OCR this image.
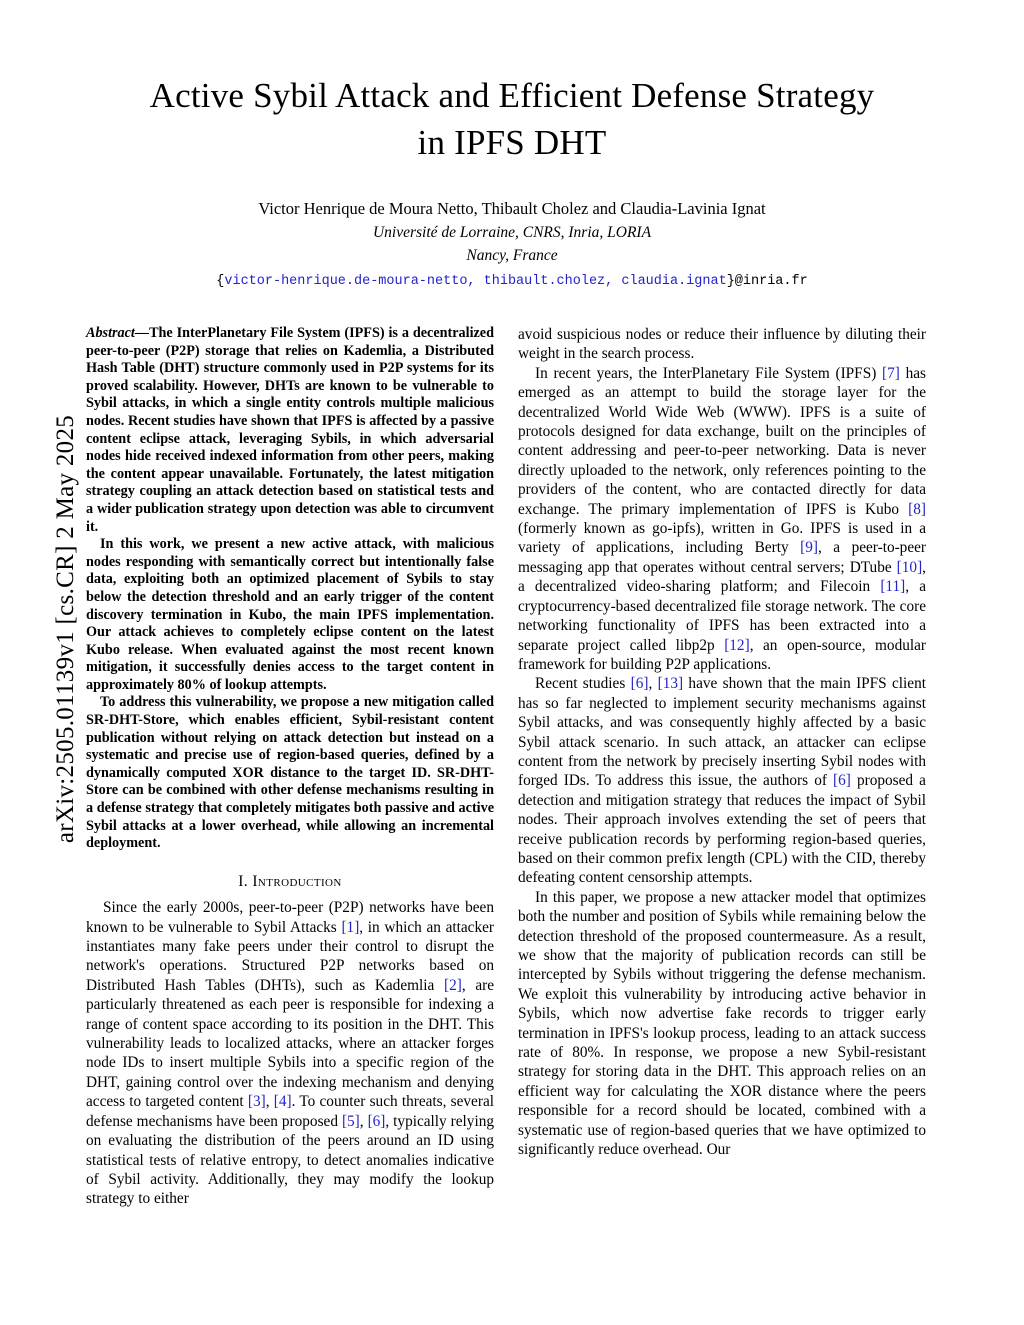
arXiv:2505.01139v1 [cs.CR] 2 May 2025
Active Sybil Attack and Efficient Defense Strategy
in IPFS DHT
Victor Henrique de Moura Netto, Thibault Cholez and Claudia-Lavinia Ignat
Université de Lorraine, CNRS, Inria, LORIA
Nancy, France
{victor-henrique.de-moura-netto, thibault.cholez, claudia.ignat}@inria.fr

Abstract—The InterPlanetary File System (IPFS) is a decentralized peer-to-peer (P2P) storage that relies on Kademlia, a Distributed Hash Table (DHT) structure commonly used in P2P systems for its proved scalability. However, DHTs are known to be vulnerable to Sybil attacks, in which a single entity controls multiple malicious nodes. Recent studies have shown that IPFS is affected by a passive content eclipse attack, leveraging Sybils, in which adversarial nodes hide received indexed information from other peers, making the content appear unavailable. Fortunately, the latest mitigation strategy coupling an attack detection based on statistical tests and a wider publication strategy upon detection was able to circumvent it.

In this work, we present a new active attack, with malicious nodes responding with semantically correct but intentionally false data, exploiting both an optimized placement of Sybils to stay below the detection threshold and an early trigger of the content discovery termination in Kubo, the main IPFS implementation. Our attack achieves to completely eclipse content on the latest Kubo release. When evaluated against the most recent known mitigation, it successfully denies access to the target content in approximately 80% of lookup attempts.

To address this vulnerability, we propose a new mitigation called SR-DHT-Store, which enables efficient, Sybil-resistant content publication without relying on attack detection but instead on a systematic and precise use of region-based queries, defined by a dynamically computed XOR distance to the target ID. SR-DHT-Store can be combined with other defense mechanisms resulting in a defense strategy that completely mitigates both passive and active Sybil attacks at a lower overhead, while allowing an incremental deployment.

I. Introduction

Since the early 2000s, peer-to-peer (P2P) networks have been known to be vulnerable to Sybil Attacks [1], in which an attacker instantiates many fake peers under their control to disrupt the network's operations. Structured P2P networks based on Distributed Hash Tables (DHTs), such as Kademlia [2], are particularly threatened as each peer is responsible for indexing a range of content space according to its position in the DHT. This vulnerability leads to localized attacks, where an attacker forges node IDs to insert multiple Sybils into a specific region of the DHT, gaining control over the indexing mechanism and denying access to targeted content [3], [4]. To counter such threats, several defense mechanisms have been proposed [5], [6], typically relying on evaluating the distribution of the peers around an ID using statistical tests of relative entropy, to detect anomalies indicative of Sybil activity. Additionally, they may modify the lookup strategy to either

avoid suspicious nodes or reduce their influence by diluting their weight in the search process.

In recent years, the InterPlanetary File System (IPFS) [7] has emerged as an attempt to build the storage layer for the decentralized World Wide Web (WWW). IPFS is a suite of protocols designed for data exchange, built on the principles of content addressing and peer-to-peer networking. Data is never directly uploaded to the network, only references pointing to the providers of the content, who are contacted directly for data exchange. The primary implementation of IPFS is Kubo [8] (formerly known as go-ipfs), written in Go. IPFS is used in a variety of applications, including Berty [9], a peer-to-peer messaging app that operates without central servers; DTube [10], a decentralized video-sharing platform; and Filecoin [11], a cryptocurrency-based decentralized file storage network. The core networking functionality of IPFS has been extracted into a separate project called libp2p [12], an open-source, modular framework for building P2P applications.

Recent studies [6], [13] have shown that the main IPFS client has so far neglected to implement security mechanisms against Sybil attacks, and was consequently highly affected by a basic Sybil attack scenario. In such attack, an attacker can eclipse content from the network by precisely inserting Sybil nodes with forged IDs. To address this issue, the authors of [6] proposed a detection and mitigation strategy that reduces the impact of Sybil nodes. Their approach involves extending the set of peers that receive publication records by performing region-based queries, based on their common prefix length (CPL) with the CID, thereby defeating content censorship attempts.

In this paper, we propose a new attacker model that optimizes both the number and position of Sybils while remaining below the detection threshold of the proposed countermeasure. As a result, we show that the majority of publication records can still be intercepted by Sybils without triggering the defense mechanism. We exploit this vulnerability by introducing active behavior in Sybils, which now advertise fake records to trigger early termination in IPFS's lookup process, leading to an attack success rate of 80%. In response, we propose a new Sybil-resistant strategy for storing data in the DHT. This approach relies on an efficient way for calculating the XOR distance where the peers responsible for a record should be located, combined with a systematic use of region-based queries that we have optimized to significantly reduce overhead. Our
